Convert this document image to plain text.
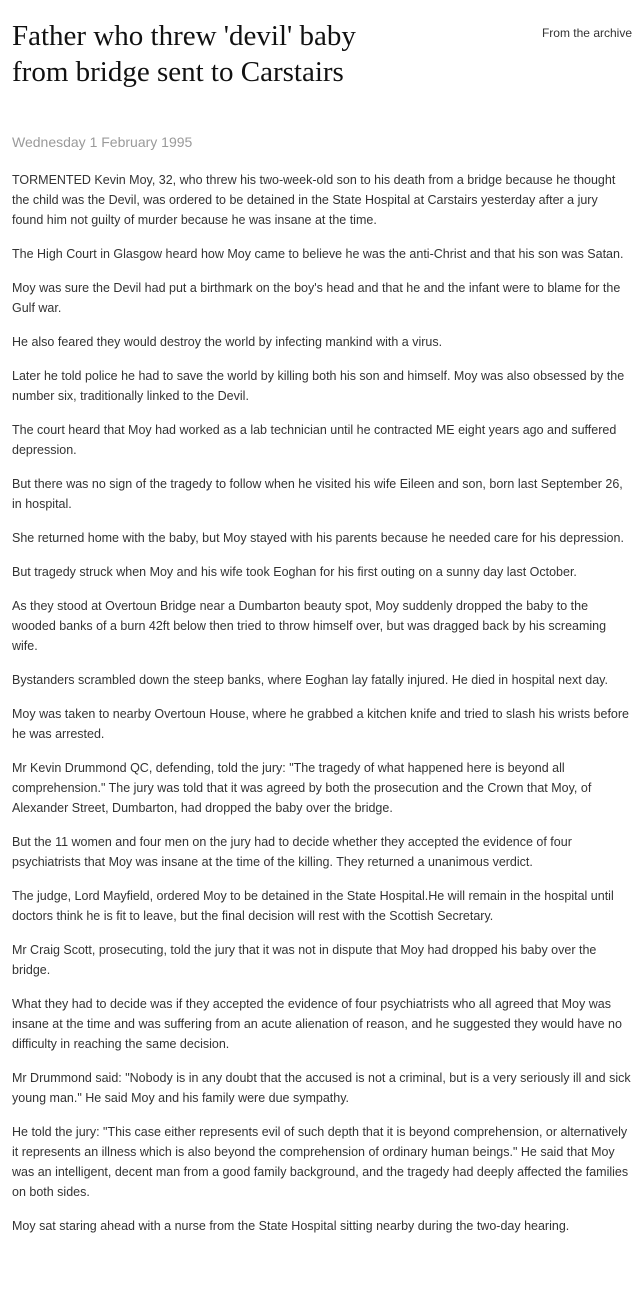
From the archive
Father who threw 'devil' baby from bridge sent to Carstairs
Wednesday 1 February 1995

TORMENTED Kevin Moy, 32, who threw his two-week-old son to his death from a bridge because he thought the child was the Devil, was ordered to be detained in the State Hospital at Carstairs yesterday after a jury found him not guilty of murder because he was insane at the time.

The High Court in Glasgow heard how Moy came to believe he was the anti-Christ and that his son was Satan.

Moy was sure the Devil had put a birthmark on the boy's head and that he and the infant were to blame for the Gulf war.

He also feared they would destroy the world by infecting mankind with a virus.

Later he told police he had to save the world by killing both his son and himself. Moy was also obsessed by the number six, traditionally linked to the Devil.

The court heard that Moy had worked as a lab technician until he contracted ME eight years ago and suffered depression.

But there was no sign of the tragedy to follow when he visited his wife Eileen and son, born last September 26, in hospital.

She returned home with the baby, but Moy stayed with his parents because he needed care for his depression.

But tragedy struck when Moy and his wife took Eoghan for his first outing on a sunny day last October.

As they stood at Overtoun Bridge near a Dumbarton beauty spot, Moy suddenly dropped the baby to the wooded banks of a burn 42ft below then tried to throw himself over, but was dragged back by his screaming wife.

Bystanders scrambled down the steep banks, where Eoghan lay fatally injured. He died in hospital next day.

Moy was taken to nearby Overtoun House, where he grabbed a kitchen knife and tried to slash his wrists before he was arrested.

Mr Kevin Drummond QC, defending, told the jury: "The tragedy of what happened here is beyond all comprehension." The jury was told that it was agreed by both the prosecution and the Crown that Moy, of Alexander Street, Dumbarton, had dropped the baby over the bridge.

But the 11 women and four men on the jury had to decide whether they accepted the evidence of four psychiatrists that Moy was insane at the time of the killing. They returned a unanimous verdict.

The judge, Lord Mayfield, ordered Moy to be detained in the State Hospital.He will remain in the hospital until doctors think he is fit to leave, but the final decision will rest with the Scottish Secretary.

Mr Craig Scott, prosecuting, told the jury that it was not in dispute that Moy had dropped his baby over the bridge.

What they had to decide was if they accepted the evidence of four psychiatrists who all agreed that Moy was insane at the time and was suffering from an acute alienation of reason, and he suggested they would have no difficulty in reaching the same decision.

Mr Drummond said: "Nobody is in any doubt that the accused is not a criminal, but is a very seriously ill and sick young man." He said Moy and his family were due sympathy.

He told the jury: "This case either represents evil of such depth that it is beyond comprehension, or alternatively it represents an illness which is also beyond the comprehension of ordinary human beings." He said that Moy was an intelligent, decent man from a good family background, and the tragedy had deeply affected the families on both sides.

Moy sat staring ahead with a nurse from the State Hospital sitting nearby during the two-day hearing.
